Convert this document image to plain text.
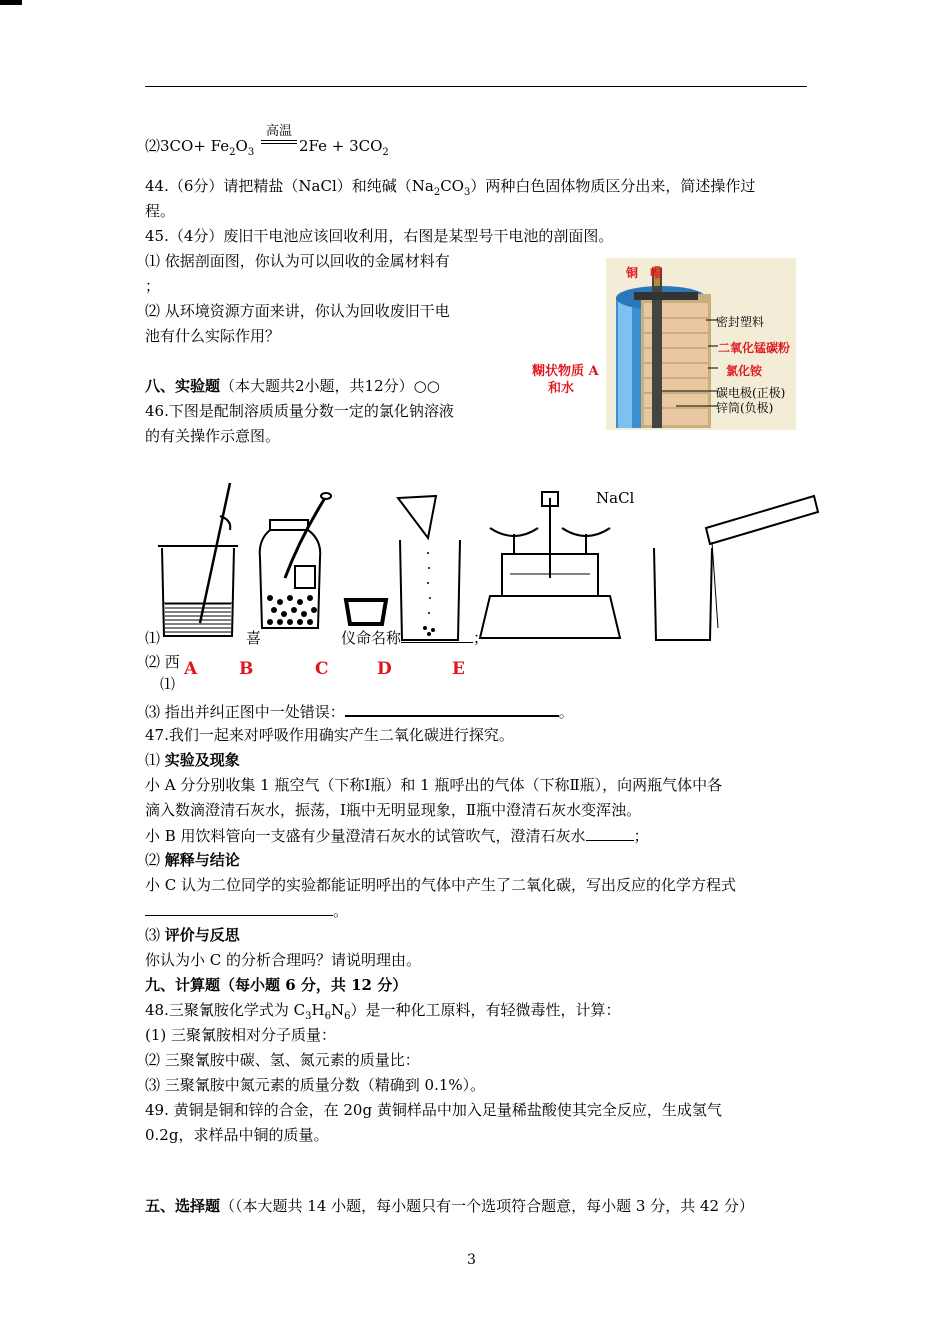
⑵3CO+ $Fe_2O_3$
高温
$2Fe + 3CO_2$
44.（6分）请把精盐（NaCl）和纯碱$(Na_2CO_3)$两种白色固体物质区分出来，简述操作过
程。
45.（4分）废旧干电池应该回收利用，右图是某型号干电池的剖面图。
⑴ 依据剖面图，你认为可以回收的金属材料有
；
⑵ 从环境资源方面来讲，你认为回收废旧干电
池有什么实际作用？
铜　帽
密封塑料
二氧化锰碳粉
氯化铵
碳电极(正极)
锌筒(负极)
糊状物质 A
和水
八、实验题（本大题共2小题，共12分）○○
46.下图是配制溶质质量分数一定的氯化钠溶液
的有关操作示意图。
NaCl
⑴	喜	仪命名称	；
⑵ 西
⑴
A B	C	D	E
⑶ 指出并纠正图中一处错误：	。
47.我们一起来对呼吸作用确实产生二氧化碳进行探究。
⑴ 实验及现象
小 A 分分别收集 1 瓶空气（下称Ⅰ瓶）和 1 瓶呼出的气体（下称Ⅱ瓶），向两瓶气体中各
滴入数滴澄清石灰水，振荡，Ⅰ瓶中无明显现象，Ⅱ瓶中澄清石灰水变浑浊。
小 B 用饮料管向一支盛有少量澄清石灰水的试管吹气，澄清石灰水	；
⑵ 解释与结论
小 C 认为二位同学的实验都能证明呼出的气体中产生了二氧化碳，写出反应的化学方程式
。
⑶ 评价与反思
你认为小 C 的分析合理吗？请说明理由。
九、计算题（每小题 6 分，共 12 分）
48.三聚氰胺化学式为 $C_3H_6N_6$）是一种化工原料，有轻微毒性，计算：
(1) 三聚氰胺相对分子质量：
⑵ 三聚氰胺中碳、氢、氮元素的质量比：
⑶ 三聚氰胺中氮元素的质量分数（精确到 0.1%）。
49. 黄铜是铜和锌的合金，在 20g 黄铜样品中加入足量稀盐酸使其完全反应，生成氢气
0.2g，求样品中铜的质量。
五、选择题（（本大题共 14 小题，每小题只有一个选项符合题意，每小题 3 分，共 42 分）
3
